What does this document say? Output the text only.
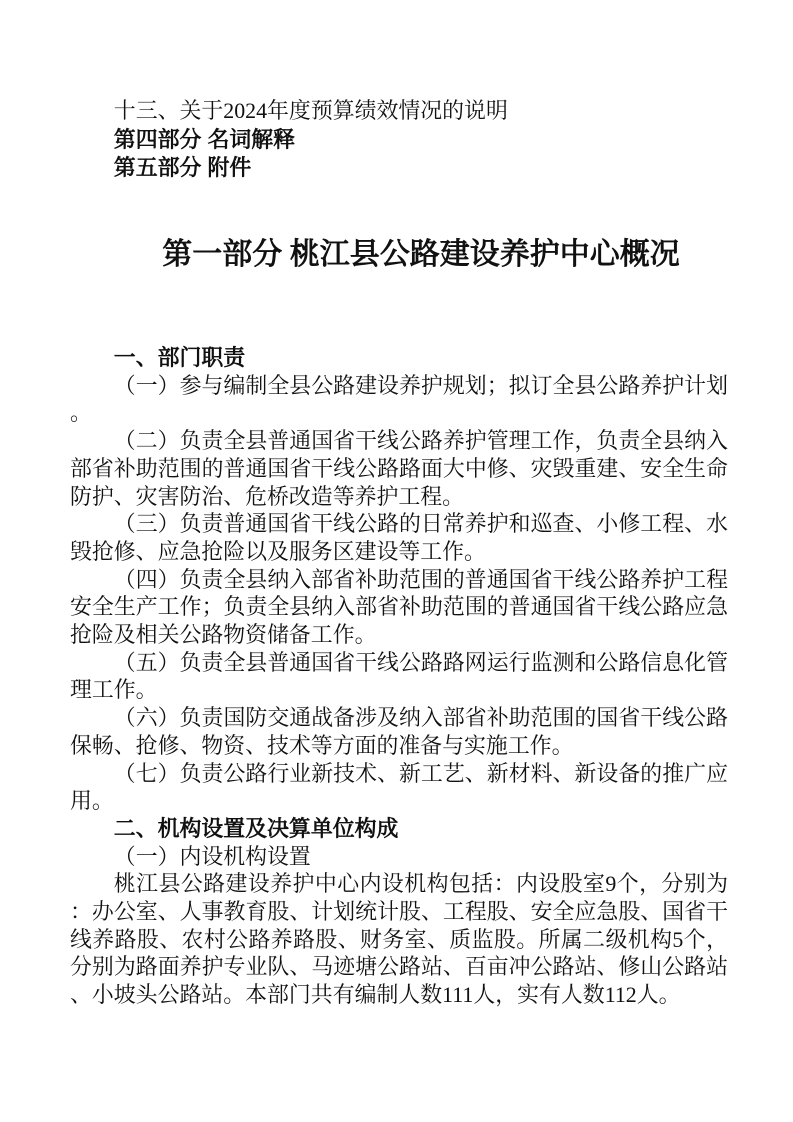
十三、关于2024年度预算绩效情况的说明

第四部分 名词解释

第五部分 附件

第一部分 桃江县公路建设养护中心概况

一、部门职责

（一）参与编制全县公路建设养护规划；拟订全县公路养护计划。

（二）负责全县普通国省干线公路养护管理工作，负责全县纳入部省补助范围的普通国省干线公路路面大中修、灾毁重建、安全生命防护、灾害防治、危桥改造等养护工程。

（三）负责普通国省干线公路的日常养护和巡查、小修工程、水毁抢修、应急抢险以及服务区建设等工作。

（四）负责全县纳入部省补助范围的普通国省干线公路养护工程安全生产工作；负责全县纳入部省补助范围的普通国省干线公路应急抢险及相关公路物资储备工作。

（五）负责全县普通国省干线公路路网运行监测和公路信息化管理工作。

（六）负责国防交通战备涉及纳入部省补助范围的国省干线公路保畅、抢修、物资、技术等方面的准备与实施工作。

（七）负责公路行业新技术、新工艺、新材料、新设备的推广应用。

二、机构设置及决算单位构成

（一）内设机构设置

桃江县公路建设养护中心内设机构包括：内设股室9个，分别为：办公室、人事教育股、计划统计股、工程股、安全应急股、国省干线养路股、农村公路养路股、财务室、质监股。所属二级机构5个，分别为路面养护专业队、马迹塘公路站、百亩冲公路站、修山公路站、小坡头公路站。本部门共有编制人数111人，实有人数112人。
